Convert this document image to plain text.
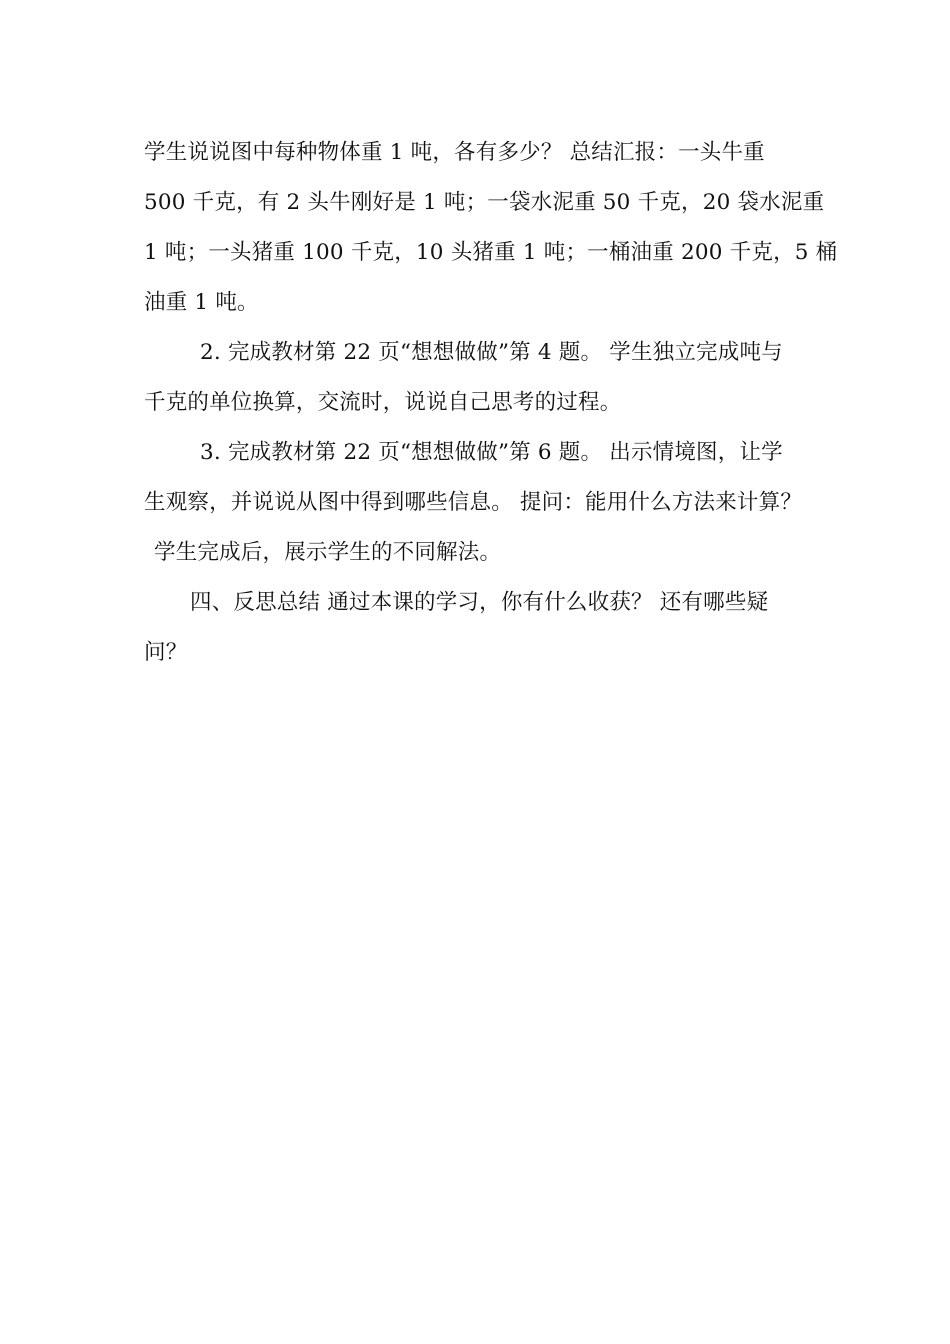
学生说说图中每种物体重 1 吨，各有多少？ 总结汇报：一头牛重
500 千克，有 2 头牛刚好是 1 吨；一袋水泥重 50 千克，20 袋水泥重
1 吨；一头猪重 100 千克，10 头猪重 1 吨；一桶油重 200 千克，5 桶
油重 1 吨。
2. 完成教材第 22 页“想想做做”第 4 题。 学生独立完成吨与
千克的单位换算，交流时，说说自己思考的过程。
3. 完成教材第 22 页“想想做做”第 6 题。 出示情境图，让学
生观察，并说说从图中得到哪些信息。 提问：能用什么方法来计算？
学生完成后，展示学生的不同解法。
四、反思总结 通过本课的学习，你有什么收获？ 还有哪些疑
问？
